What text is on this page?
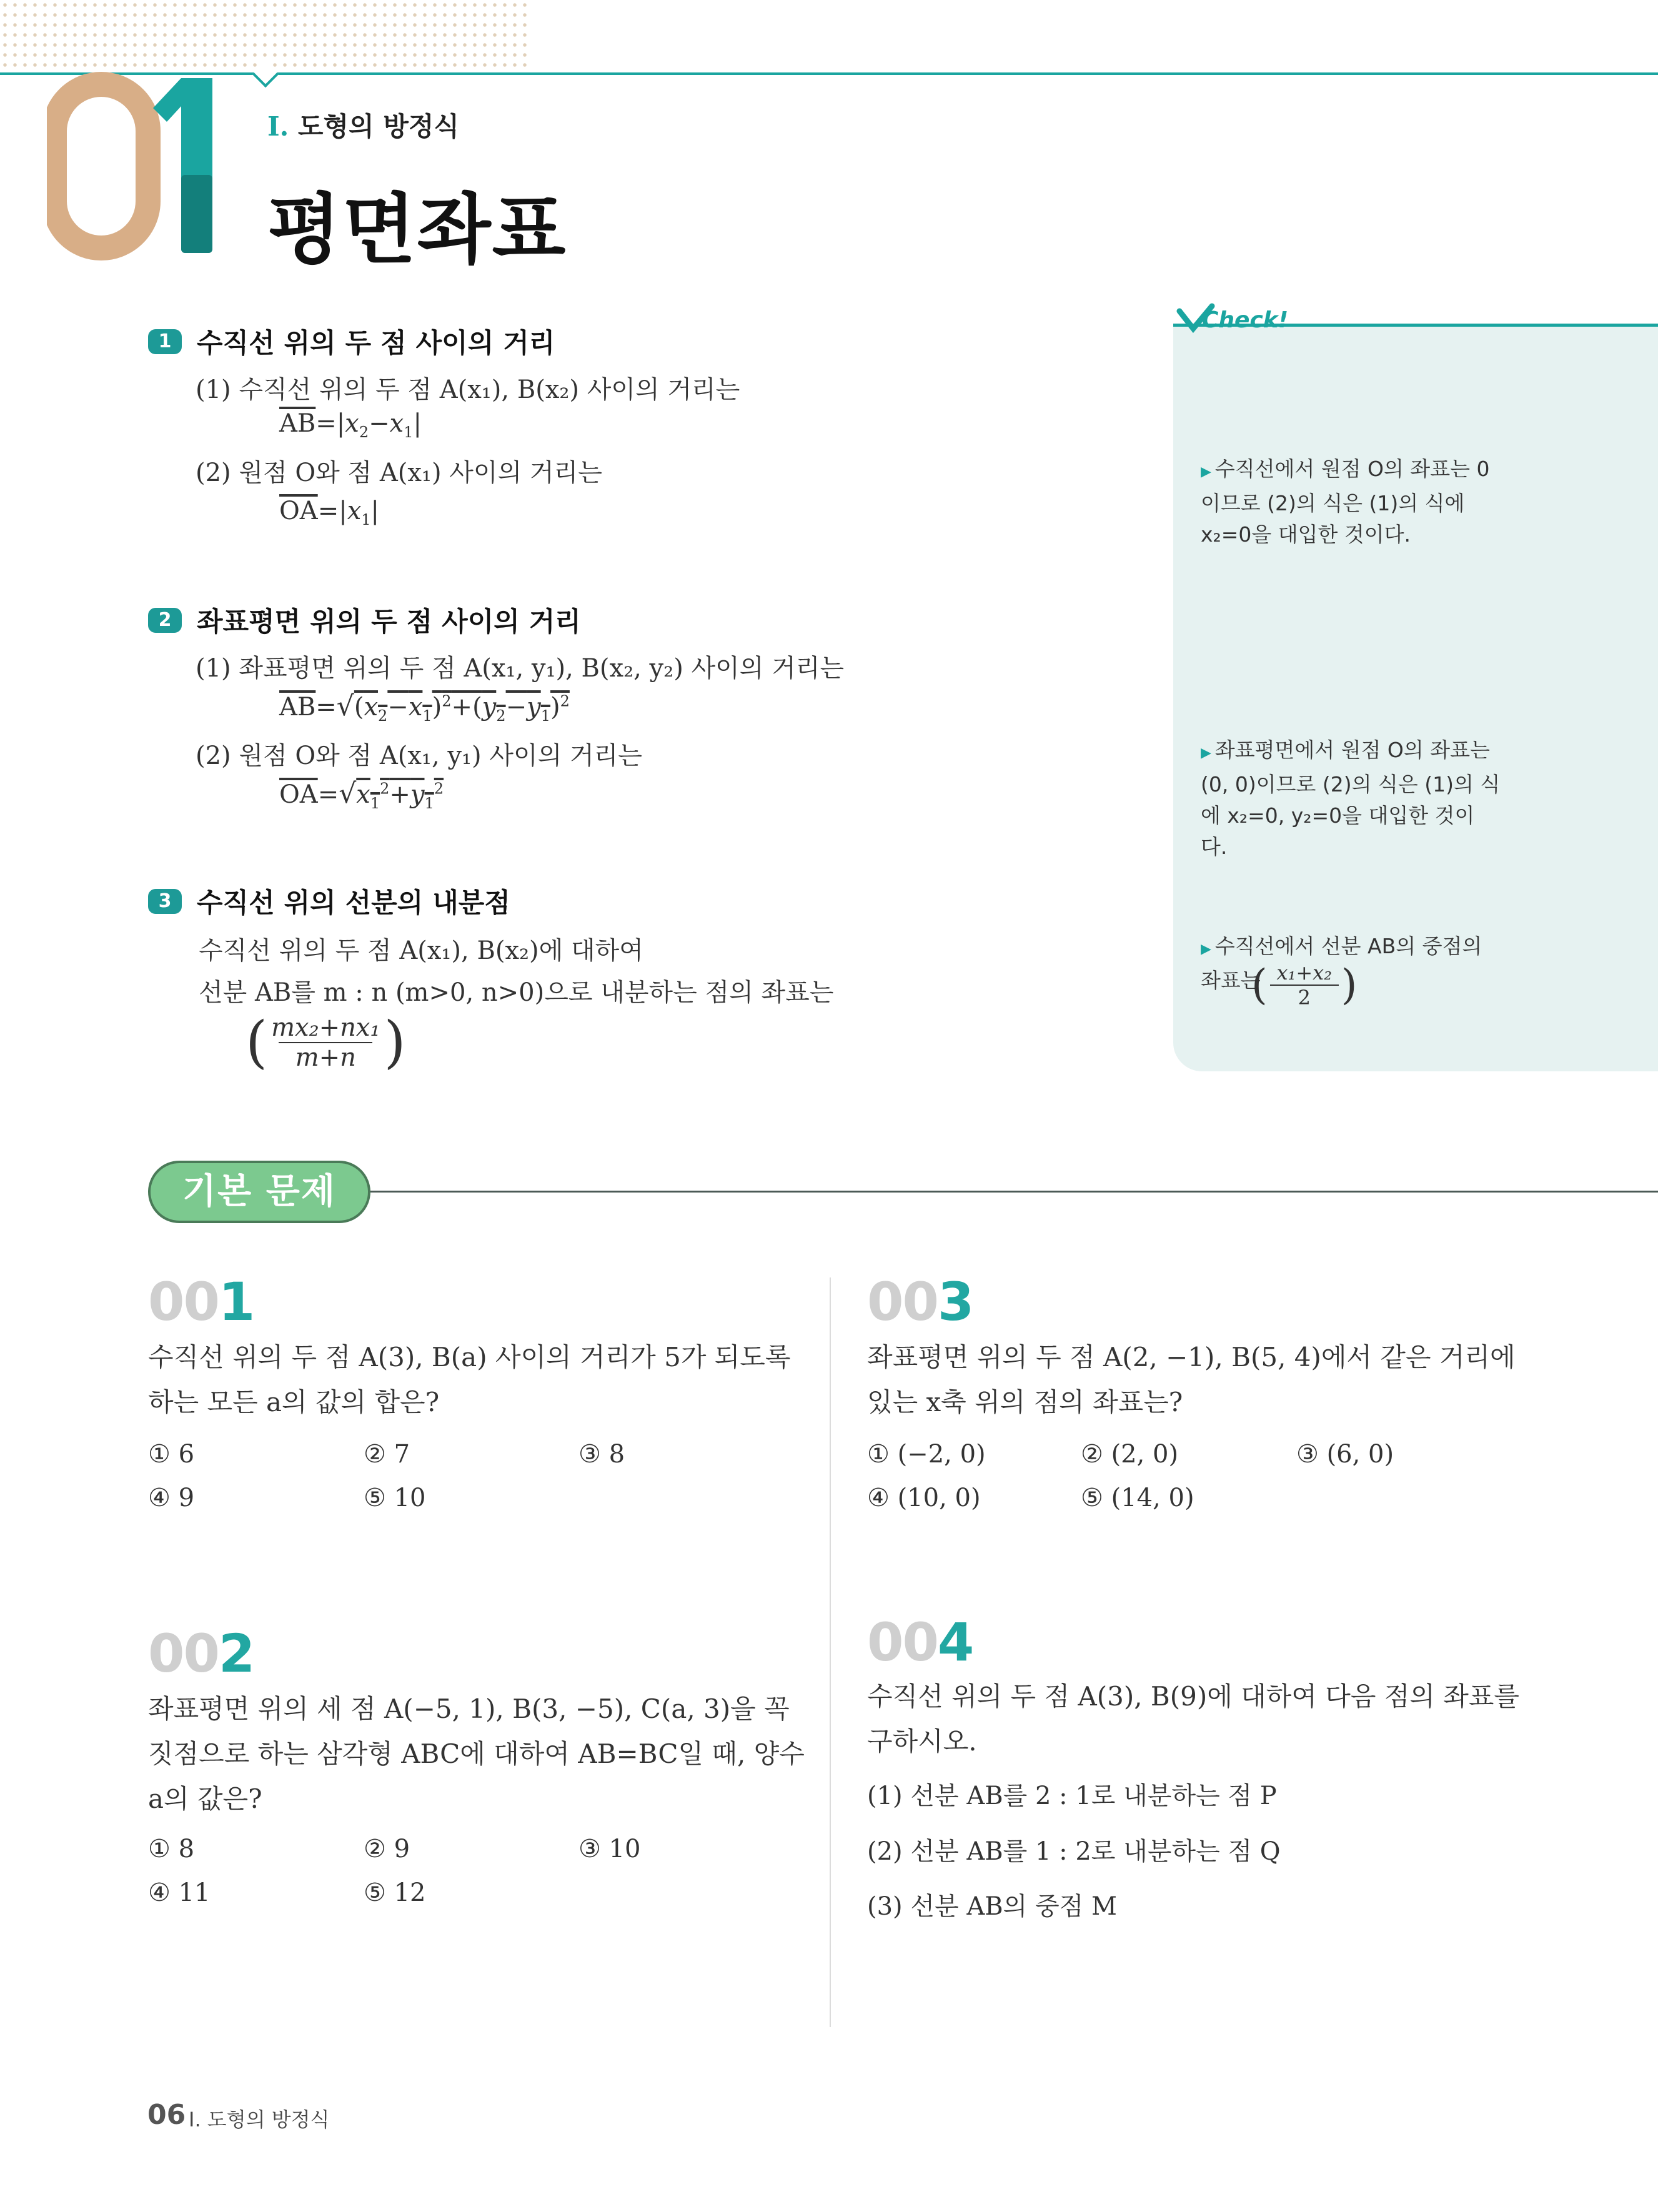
I. 도형의 방정식
평면좌표
1 수직선 위의 두 점 사이의 거리
(1) 수직선 위의 두 점 A(x₁), B(x₂) 사이의 거리는
$\overline{AB}=|x_2-x_1|$
(2) 원점 O와 점 A(x₁) 사이의 거리는
$\overline{OA}=|x_1|$
2 좌표평면 위의 두 점 사이의 거리
(1) 좌표평면 위의 두 점 A(x₁, y₁), B(x₂, y₂) 사이의 거리는
$\overline{AB}=√(x_2-x_1)^2+(y_2-y_1)^2$
(2) 원점 O와 점 A(x₁, y₁) 사이의 거리는
$\overline{OA}=√x_1^2+y_1^2$
3 수직선 위의 선분의 내분점
수직선 위의 두 점 A(x₁), B(x₂)에 대하여
선분 AB를 m : n (m>0, n>0)으로 내분하는 점의 좌표는
( mx₂+nx₁
m+n )
Check!
▶ 수직선에서 원점 O의 좌표는 0이므로 (2)의 식은 (1)의 식에 x₂=0을 대입한 것이다.
▶ 좌표평면에서 원점 O의 좌표는 (0, 0)이므로 (2)의 식은 (1)의 식에 x₂=0, y₂=0을 대입한 것이다.
▶ 수직선에서 선분 AB의 중점의 좌표는
( x₁+x₂
2 )
기본 문제
001
수직선 위의 두 점 A(3), B(a) 사이의 거리가 5가 되도록 하는 모든 a의 값의 합은?
① 6	② 7	③ 8
④ 9	⑤ 10
002
좌표평면 위의 세 점 A(−5, 1), B(3, −5), C(a, 3)을 꼭짓점으로 하는 삼각형 ABC에 대하여 AB=BC일 때, 양수 a의 값은?
① 8	② 9	③ 10
④ 11	⑤ 12
003
좌표평면 위의 두 점 A(2, −1), B(5, 4)에서 같은 거리에 있는 x축 위의 점의 좌표는?
① (−2, 0)	② (2, 0)	③ (6, 0)
④ (10, 0)	⑤ (14, 0)
004
수직선 위의 두 점 A(3), B(9)에 대하여 다음 점의 좌표를 구하시오.
(1) 선분 AB를 2 : 1로 내분하는 점 P
(2) 선분 AB를 1 : 2로 내분하는 점 Q
(3) 선분 AB의 중점 M
06 I. 도형의 방정식
